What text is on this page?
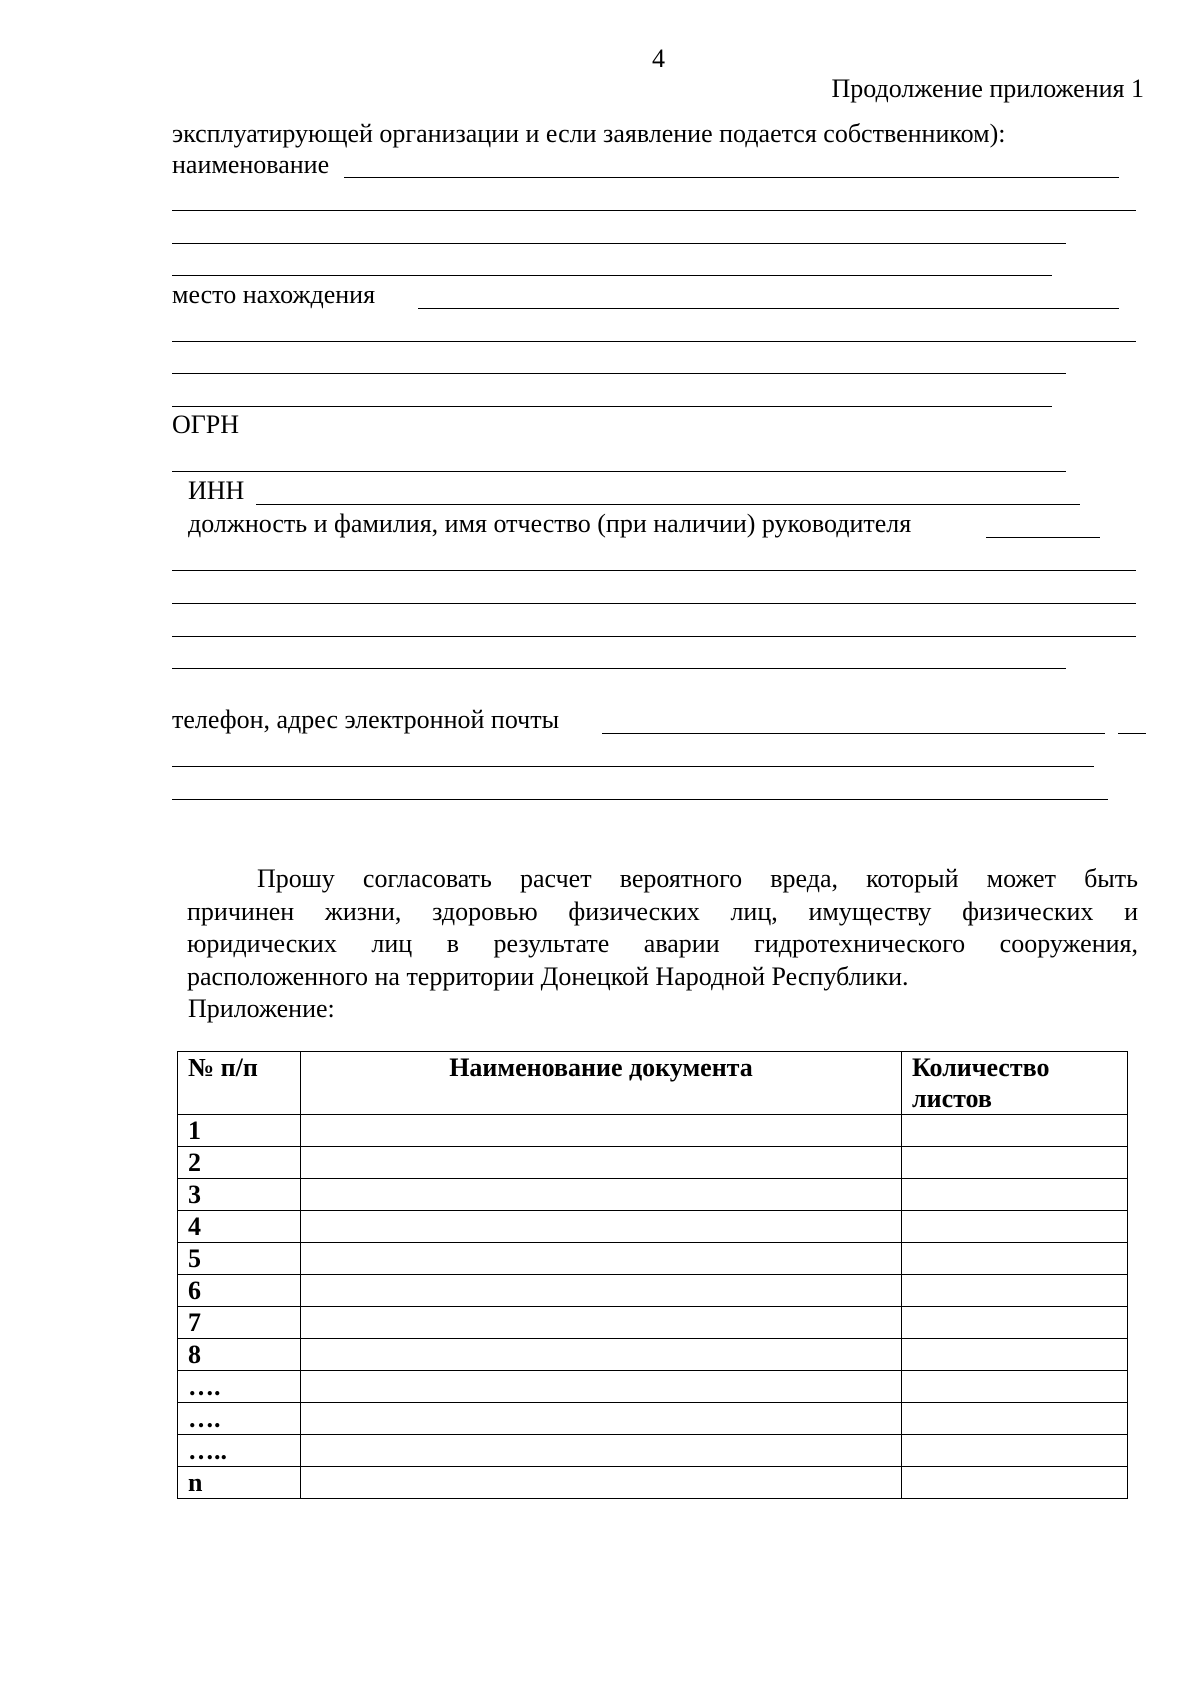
4
Продолжение приложения 1
эксплуатирующей организации и если заявление подается собственником):
наименование
место нахождения
ОГРН
ИНН
должность и фамилия, имя отчество (при наличии) руководителя
телефон, адрес электронной почты
Прошу согласовать расчет вероятного вреда, который может быть
причинен жизни, здоровью физических лиц, имуществу физических и
юридических лиц в результате аварии гидротехнического сооружения,
расположенного на территории Донецкой Народной Республики.
Приложение:
№ п/п	Наименование документа	Количество листов
1		
2		
3		
4		
5		
6		
7		
8		
….		
….		
…..		
n		
